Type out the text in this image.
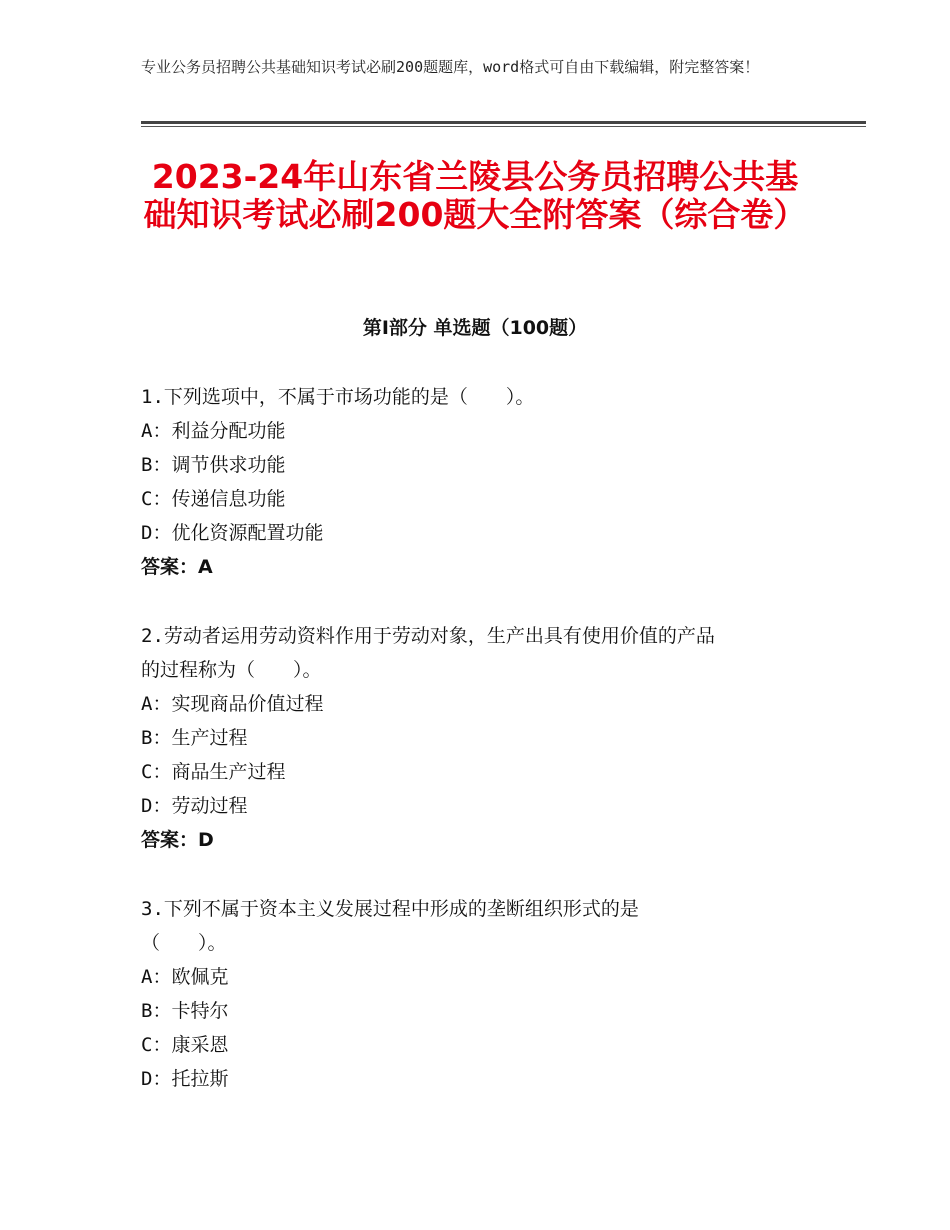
专业公务员招聘公共基础知识考试必刷200题题库，word格式可自由下载编辑，附完整答案！
2023-24年山东省兰陵县公务员招聘公共基础知识考试必刷200题大全附答案（综合卷）
第I部分 单选题（100题）

1.下列选项中，不属于市场功能的是（　　）。

A：利益分配功能

B：调节供求功能

C：传递信息功能

D：优化资源配置功能

答案：A

2.劳动者运用劳动资料作用于劳动对象，生产出具有使用价值的产品

的过程称为（　　）。

A：实现商品价值过程

B：生产过程

C：商品生产过程

D：劳动过程

答案：D

3.下列不属于资本主义发展过程中形成的垄断组织形式的是

（　　）。

A：欧佩克

B：卡特尔

C：康采恩

D：托拉斯
